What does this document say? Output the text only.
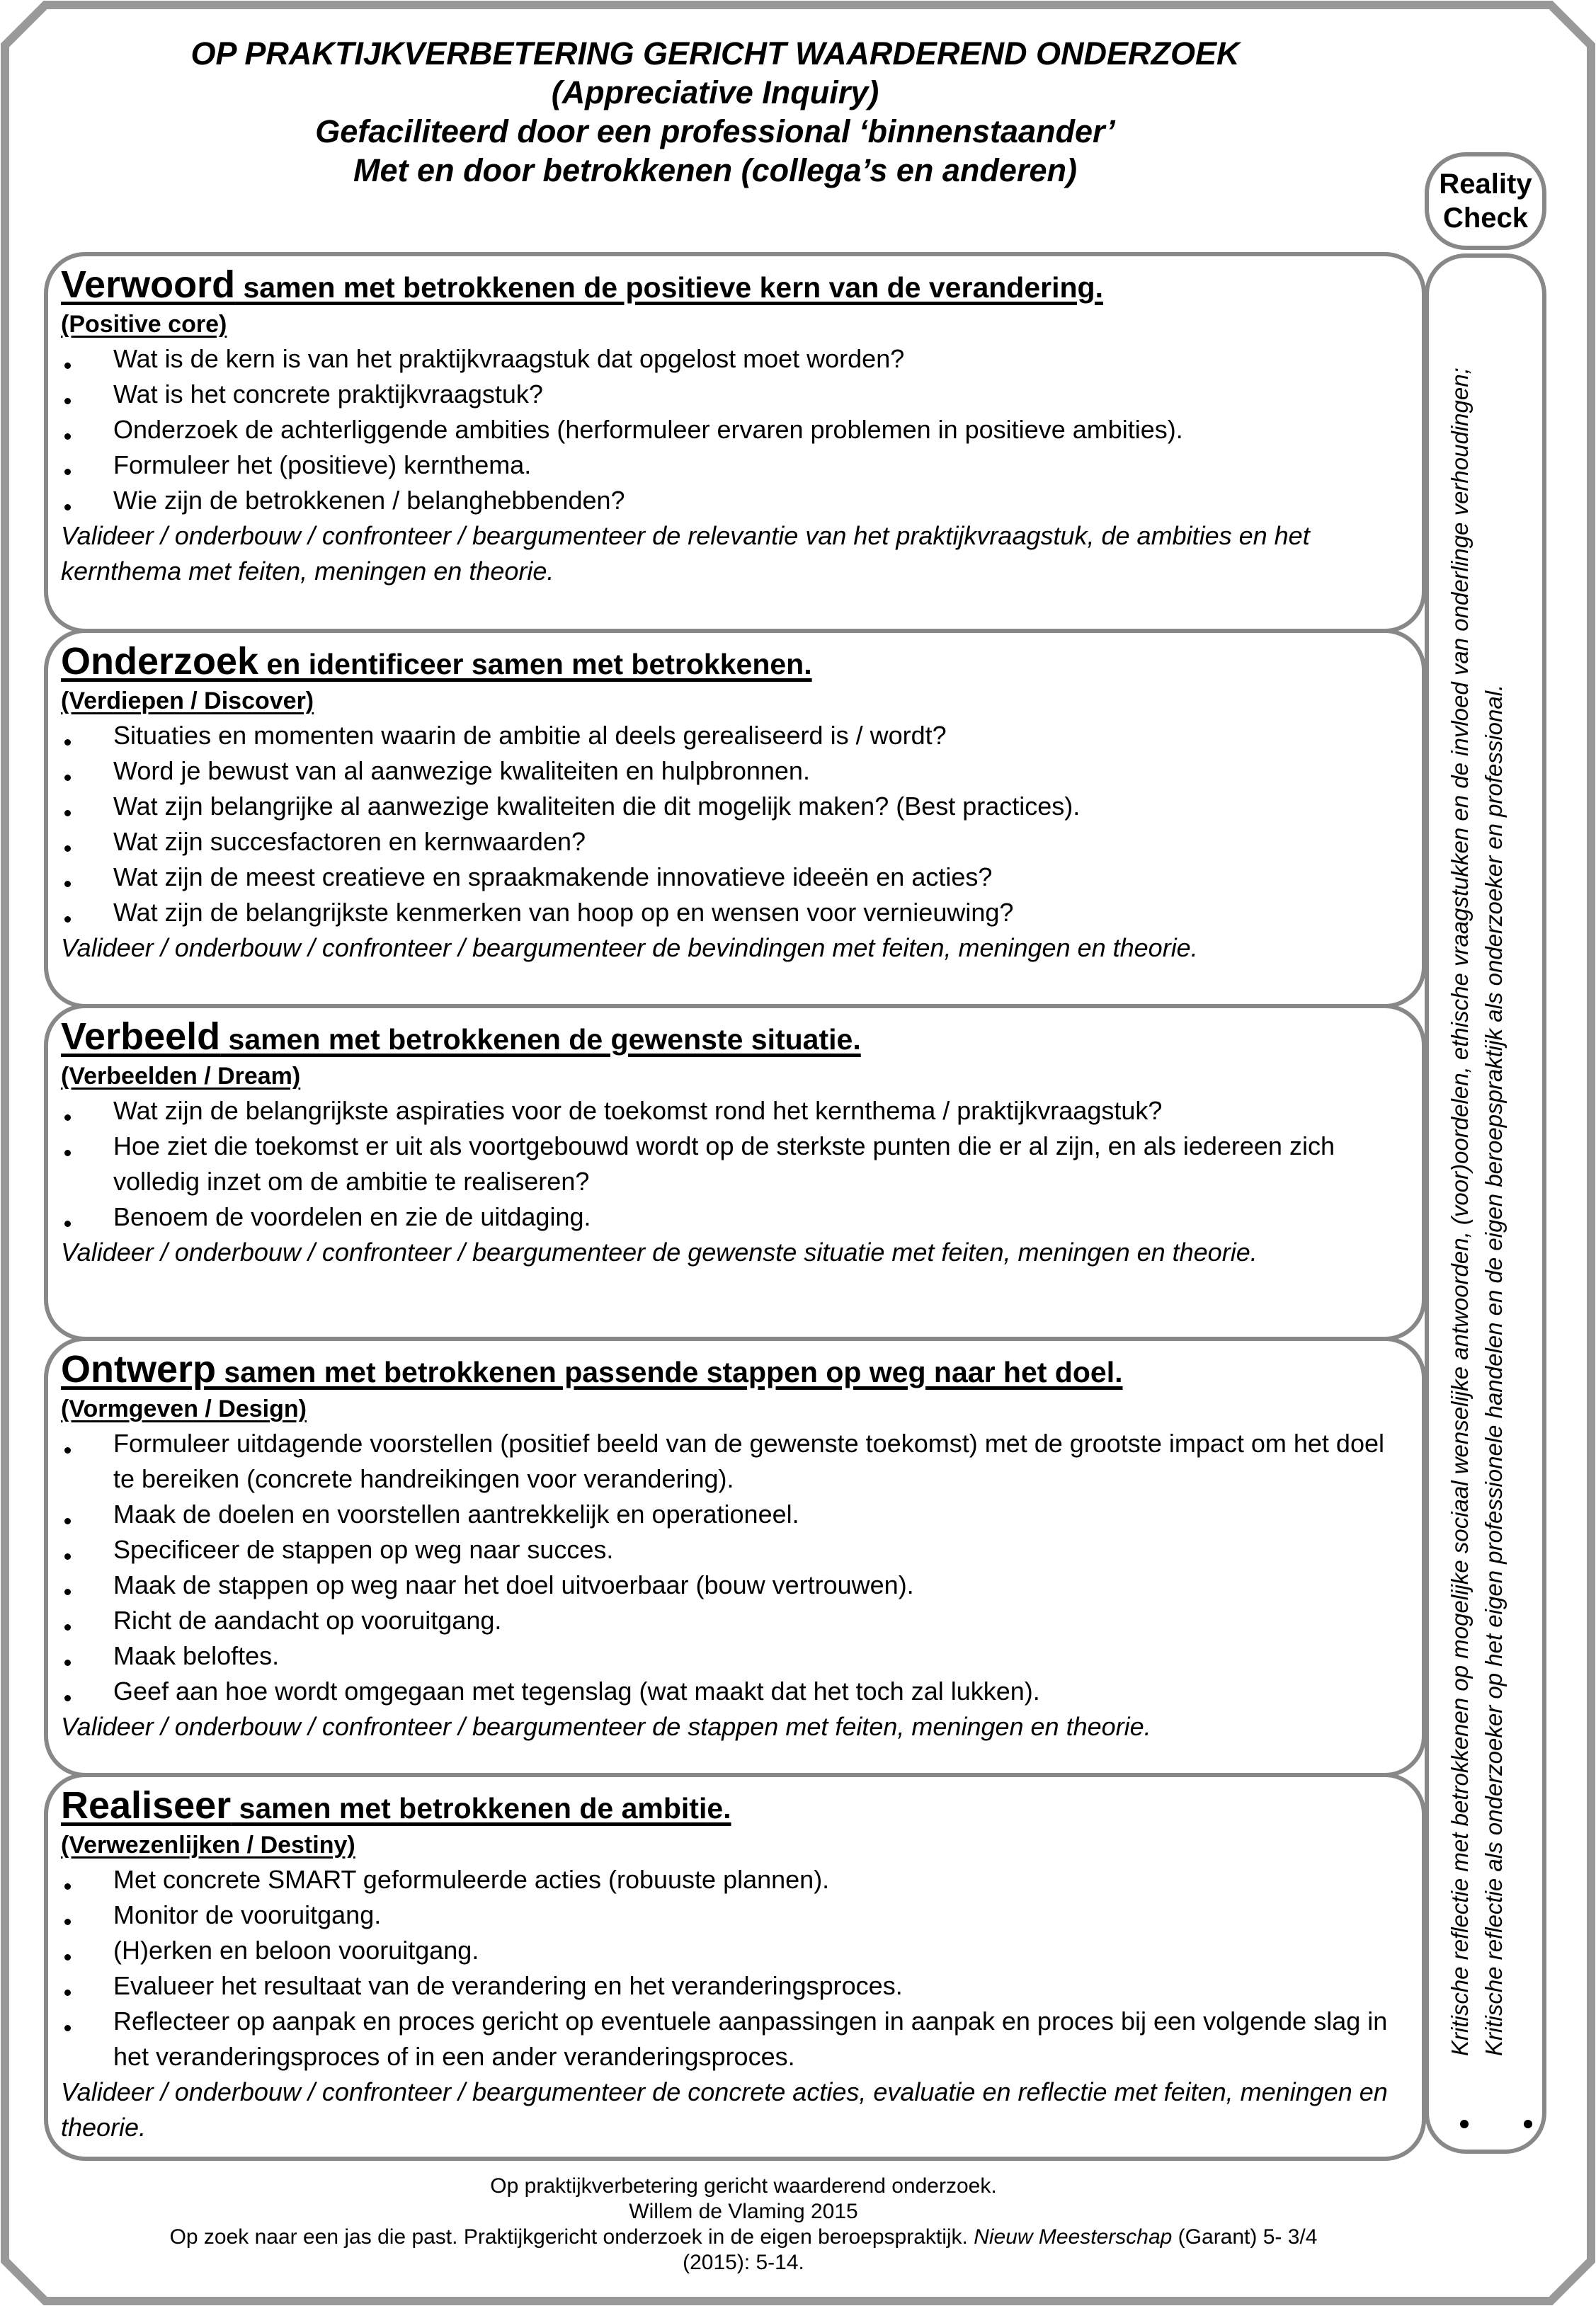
OP PRAKTIJKVERBETERING GERICHT WAARDEREND ONDERZOEK
(Appreciative Inquiry)
Gefaciliteerd door een professional ‘binnenstaander’
Met en door betrokkenen (collega’s en anderen)	Reality
Check
Kritische reflectie met betrokkenen op mogelijke sociaal wenselijke antwoorden, (voor)oordelen, ethische vraagstukken en de invloed van onderlinge verhoudingen; Kritische reflectie als onderzoeker op het eigen professionele handelen en de eigen beroepspraktijk als onderzoeker en professional.
Verwoord samen met betrokkenen de positieve kern van de verandering.
(Positive core)
Wat is de kern is van het praktijkvraagstuk dat opgelost moet worden?
Wat is het concrete praktijkvraagstuk?
Onderzoek de achterliggende ambities (herformuleer ervaren problemen in positieve ambities).
Formuleer het (positieve) kernthema.
Wie zijn de betrokkenen / belanghebbenden?
Valideer / onderbouw / confronteer / beargumenteer de relevantie van het praktijkvraagstuk, de ambities en het kernthema met feiten, meningen en theorie.
Onderzoek en identificeer samen met betrokkenen.
(Verdiepen / Discover)
Situaties en momenten waarin de ambitie al deels gerealiseerd is / wordt?
Word je bewust van al aanwezige kwaliteiten en hulpbronnen.
Wat zijn belangrijke al aanwezige kwaliteiten die dit mogelijk maken? (Best practices).
Wat zijn succesfactoren en kernwaarden?
Wat zijn de meest creatieve en spraakmakende innovatieve ideeën en acties?
Wat zijn de belangrijkste kenmerken van hoop op en wensen voor vernieuwing?
Valideer / onderbouw / confronteer / beargumenteer de bevindingen met feiten, meningen en theorie.
Verbeeld samen met betrokkenen de gewenste situatie.
(Verbeelden / Dream)
Wat zijn de belangrijkste aspiraties voor de toekomst rond het kernthema / praktijkvraagstuk?
Hoe ziet die toekomst er uit als voortgebouwd wordt op de sterkste punten die er al zijn, en als iedereen zich volledig inzet om de ambitie te realiseren?
Benoem de voordelen en zie de uitdaging.
Valideer / onderbouw / confronteer / beargumenteer de gewenste situatie met feiten, meningen en theorie.
Ontwerp samen met betrokkenen passende stappen op weg naar het doel.
(Vormgeven / Design)
Formuleer uitdagende voorstellen (positief beeld van de gewenste toekomst) met de grootste impact om het doel te bereiken (concrete handreikingen voor verandering).
Maak de doelen en voorstellen aantrekkelijk en operationeel.
Specificeer de stappen op weg naar succes.
Maak de stappen op weg naar het doel uitvoerbaar (bouw vertrouwen).
Richt de aandacht op vooruitgang.
Maak beloftes.
Geef aan hoe wordt omgegaan met tegenslag (wat maakt dat het toch zal lukken).
Valideer / onderbouw / confronteer / beargumenteer de stappen met feiten, meningen en theorie.
Realiseer samen met betrokkenen de ambitie.
(Verwezenlijken / Destiny)
Met concrete SMART geformuleerde acties (robuuste plannen).
Monitor de vooruitgang.
(H)erken en beloon vooruitgang.
Evalueer het resultaat van de verandering en het veranderingsproces.
Reflecteer op aanpak en proces gericht op eventuele aanpassingen in aanpak en proces bij een volgende slag in het veranderingsproces of in een ander veranderingsproces.
Valideer / onderbouw / confronteer / beargumenteer de concrete acties, evaluatie en reflectie met feiten, meningen en theorie.
Op praktijkverbetering gericht waarderend onderzoek.
Willem de Vlaming 2015
Op zoek naar een jas die past. Praktijkgericht onderzoek in de eigen beroepspraktijk. Nieuw Meesterschap (Garant) 5- 3/4
(2015): 5-14.
